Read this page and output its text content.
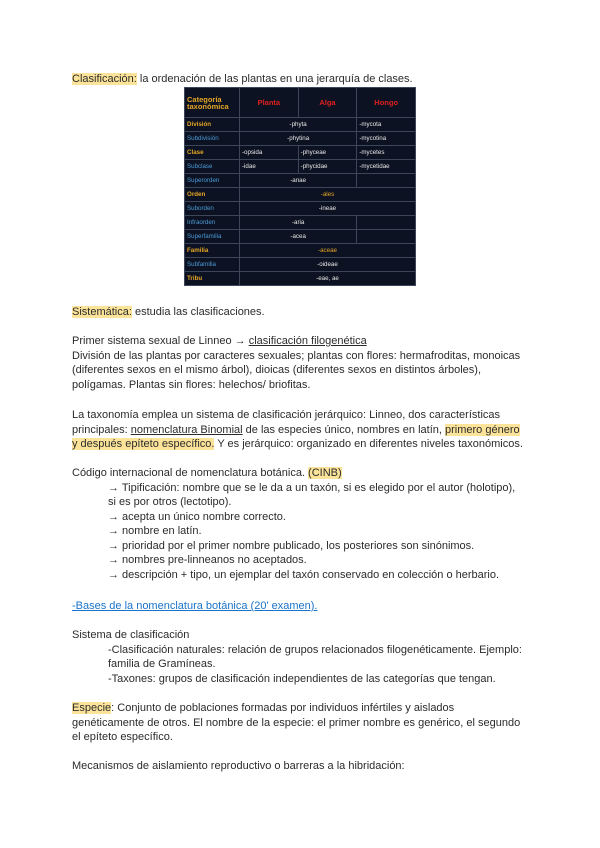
Clasificación: la ordenación de las plantas en una jerarquía de clases.
Categoría
taxonómica	Planta	Alga	Hongo
División	-phyta		-mycota
Subdivisión	-phytina		-mycotina
Clase	-opsida	-phyceae	-mycetes
Subclase	-idae	-phycidae	-mycetidae
Superorden	-anae		
Orden	-ales		
Suborden	-ineae		
Infraorden	-aria		
Superfamilia	-acea		
Familia	-aceae		
Subfamilia	-oideae		
Tribu	-eae, ae		
Sistemática: estudia las clasificaciones.
Primer sistema sexual de Linneo → clasificación filogenética
División de las plantas por caracteres sexuales; plantas con flores: hermafroditas, monoicas
(diferentes sexos en el mismo árbol), dioicas (diferentes sexos en distintos árboles),
polígamas. Plantas sin flores: helechos/ briofitas.
La taxonomía emplea un sistema de clasificación jerárquico: Linneo, dos características
principales: nomenclatura Binomial de las especies único, nombres en latín, primero género
y después epíteto específico. Y es jerárquico: organizado en diferentes niveles taxonómicos.
Código internacional de nomenclatura botánica. (CINB)
→ Tipificación: nombre que se le da a un taxón, si es elegido por el autor (holotipo),
si es por otros (lectotipo).
→ acepta un único nombre correcto.
→ nombre en latín.
→ prioridad por el primer nombre publicado, los posteriores son sinónimos.
→ nombres pre-linneanos no aceptados.
→ descripción + tipo, un ejemplar del taxón conservado en colección o herbario.
-Bases de la nomenclatura botánica (20' examen).
Sistema de clasificación
-Clasificación naturales: relación de grupos relacionados filogenéticamente. Ejemplo:
familia de Gramíneas.
-Taxones: grupos de clasificación independientes de las categorías que tengan.
Especie: Conjunto de poblaciones formadas por individuos infértiles y aislados
genéticamente de otros. El nombre de la especie: el primer nombre es genérico, el segundo
el epíteto específico.
Mecanismos de aislamiento reproductivo o barreras a la hibridación:
